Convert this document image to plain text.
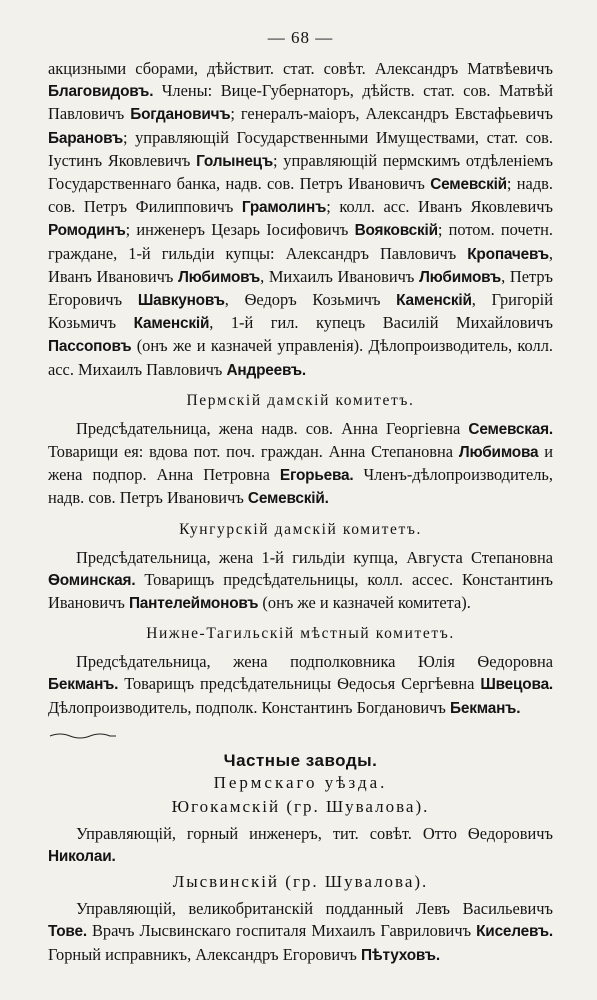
— 68 —

акцизными сборами, дѣйствит. стат. совѣт. Александръ Матвѣевичъ Благовидовъ. Члены: Вице-Губернаторъ, дѣйств. стат. сов. Матвѣй Павловичъ Богдановичъ; генералъ-маіоръ, Александръ Евстафьевичъ Барановъ; управляющій Государственными Имуществами, стат. сов. Іустинъ Яковлевичъ Голынецъ; управляющій пермскимъ отдѣленіемъ Государственнаго банка, надв. сов. Петръ Ивановичъ Семевскій; надв. сов. Петръ Филипповичъ Грамолинъ; колл. асс. Иванъ Яковлевичъ Ромодинъ; инженеръ Цезарь Іосифовичъ Вояковскій; потом. почетн. граждане, 1-й гильдіи купцы: Александръ Павловичъ Кропачевъ, Иванъ Ивановичъ Любимовъ, Михаилъ Ивановичъ Любимовъ, Петръ Егоровичъ Шавкуновъ, Ѳедоръ Козьмичъ Каменскій, Григорій Козьмичъ Каменскій, 1-й гил. купецъ Василій Михайловичъ Пассоповъ (онъ же и казначей управленія). Дѣлопроизводитель, колл. асс. Михаилъ Павловичъ Андреевъ.

Пермскій дамскій комитетъ.

Предсѣдательница, жена надв. сов. Анна Георгіевна Семевская. Товарищи ея: вдова пот. поч. граждан. Анна Степановна Любимова и жена подпор. Анна Петровна Егорьева. Членъ-дѣлопроизводитель, надв. сов. Петръ Ивановичъ Семевскій.

Кунгурскій дамскій комитетъ.

Предсѣдательница, жена 1-й гильдіи купца, Августа Степановна Ѳоминская. Товарищъ предсѣдательницы, колл. ассес. Константинъ Ивановичъ Пантелеймоновъ (онъ же и казначей комитета).

Нижне-Тагильскій мѣстный комитетъ.

Предсѣдательница, жена подполковника Юлія Ѳедоровна Бекманъ. Товарищъ предсѣдательницы Ѳедосья Сергѣевна Швецова. Дѣлопроизводитель, подполк. Константинъ Богдановичъ Бекманъ.

Частные заводы.
Пермскаго уѣзда.
Югокамскій (гр. Шувалова).

Управляющій, горный инженеръ, тит. совѣт. Отто Ѳедоровичъ Николаи.

Лысвинскій (гр. Шувалова).

Управляющій, великобританскій подданный Левъ Васильевичъ Тове. Врачъ Лысвинскаго госпиталя Михаилъ Гавриловичъ Киселевъ. Горный исправникъ, Александръ Егоровичъ Пѣтуховъ.
